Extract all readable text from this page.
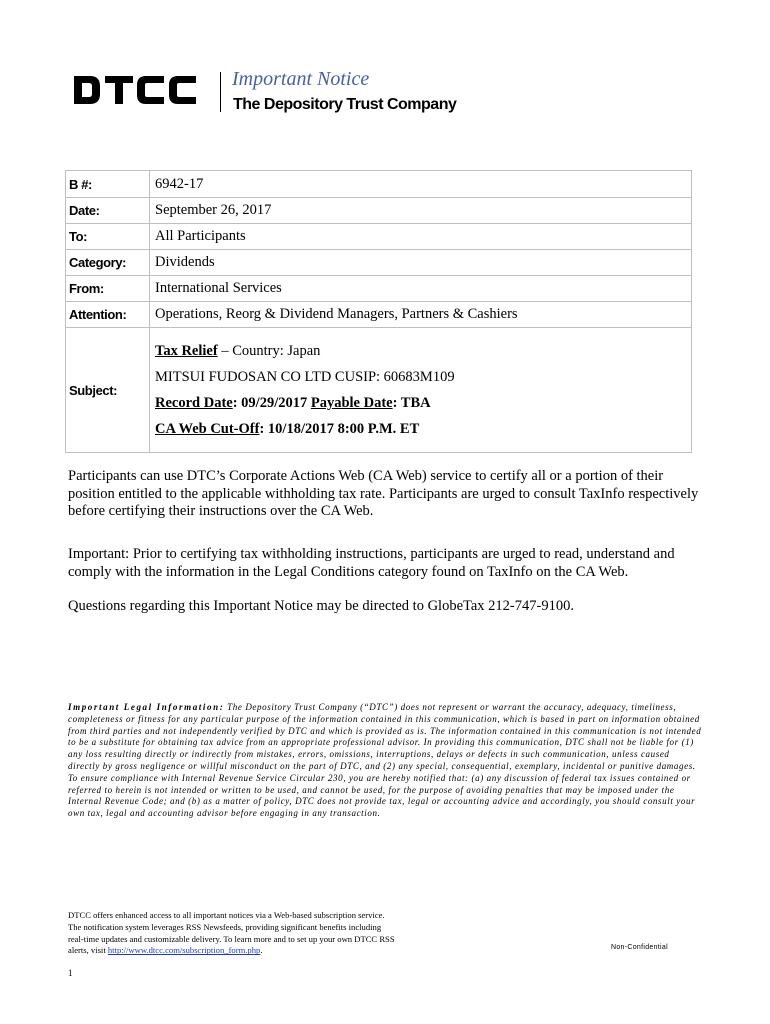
Important Notice
The Depository Trust Company
B #:	6942-17
Date:	September 26, 2017
To:	All Participants
Category:	Dividends
From:	International Services
Attention:	Operations, Reorg & Dividend Managers, Partners & Cashiers
Subject:	Tax Relief – Country: Japan
MITSUI FUDOSAN CO LTD CUSIP: 60683M109
Record Date: 09/29/2017 Payable Date: TBA
CA Web Cut-Off: 10/18/2017 8:00 P.M. ET
Participants can use DTC’s Corporate Actions Web (CA Web) service to certify all or a portion of their position entitled to the applicable withholding tax rate. Participants are urged to consult TaxInfo respectively before certifying their instructions over the CA Web.
Important: Prior to certifying tax withholding instructions, participants are urged to read, understand and comply with the information in the Legal Conditions category found on TaxInfo on the CA Web.
Questions regarding this Important Notice may be directed to GlobeTax 212-747-9100.
Important Legal Information: The Depository Trust Company (“DTC”) does not represent or warrant the accuracy, adequacy, timeliness, completeness or fitness for any particular purpose of the information contained in this communication, which is based in part on information obtained from third parties and not independently verified by DTC and which is provided as is. The information contained in this communication is not intended to be a substitute for obtaining tax advice from an appropriate professional advisor. In providing this communication, DTC shall not be liable for (1) any loss resulting directly or indirectly from mistakes, errors, omissions, interruptions, delays or defects in such communication, unless caused directly by gross negligence or willful misconduct on the part of DTC, and (2) any special, consequential, exemplary, incidental or punitive damages.
To ensure compliance with Internal Revenue Service Circular 230, you are hereby notified that: (a) any discussion of federal tax issues contained or referred to herein is not intended or written to be used, and cannot be used, for the purpose of avoiding penalties that may be imposed under the Internal Revenue Code; and (b) as a matter of policy, DTC does not provide tax, legal or accounting advice and accordingly, you should consult your own tax, legal and accounting advisor before engaging in any transaction.
DTCC offers enhanced access to all important notices via a Web-based subscription service.
The notification system leverages RSS Newsfeeds, providing significant benefits including
real-time updates and customizable delivery. To learn more and to set up your own DTCC RSS
alerts, visit http://www.dtcc.com/subscription_form.php.	Non-Confidential
1
